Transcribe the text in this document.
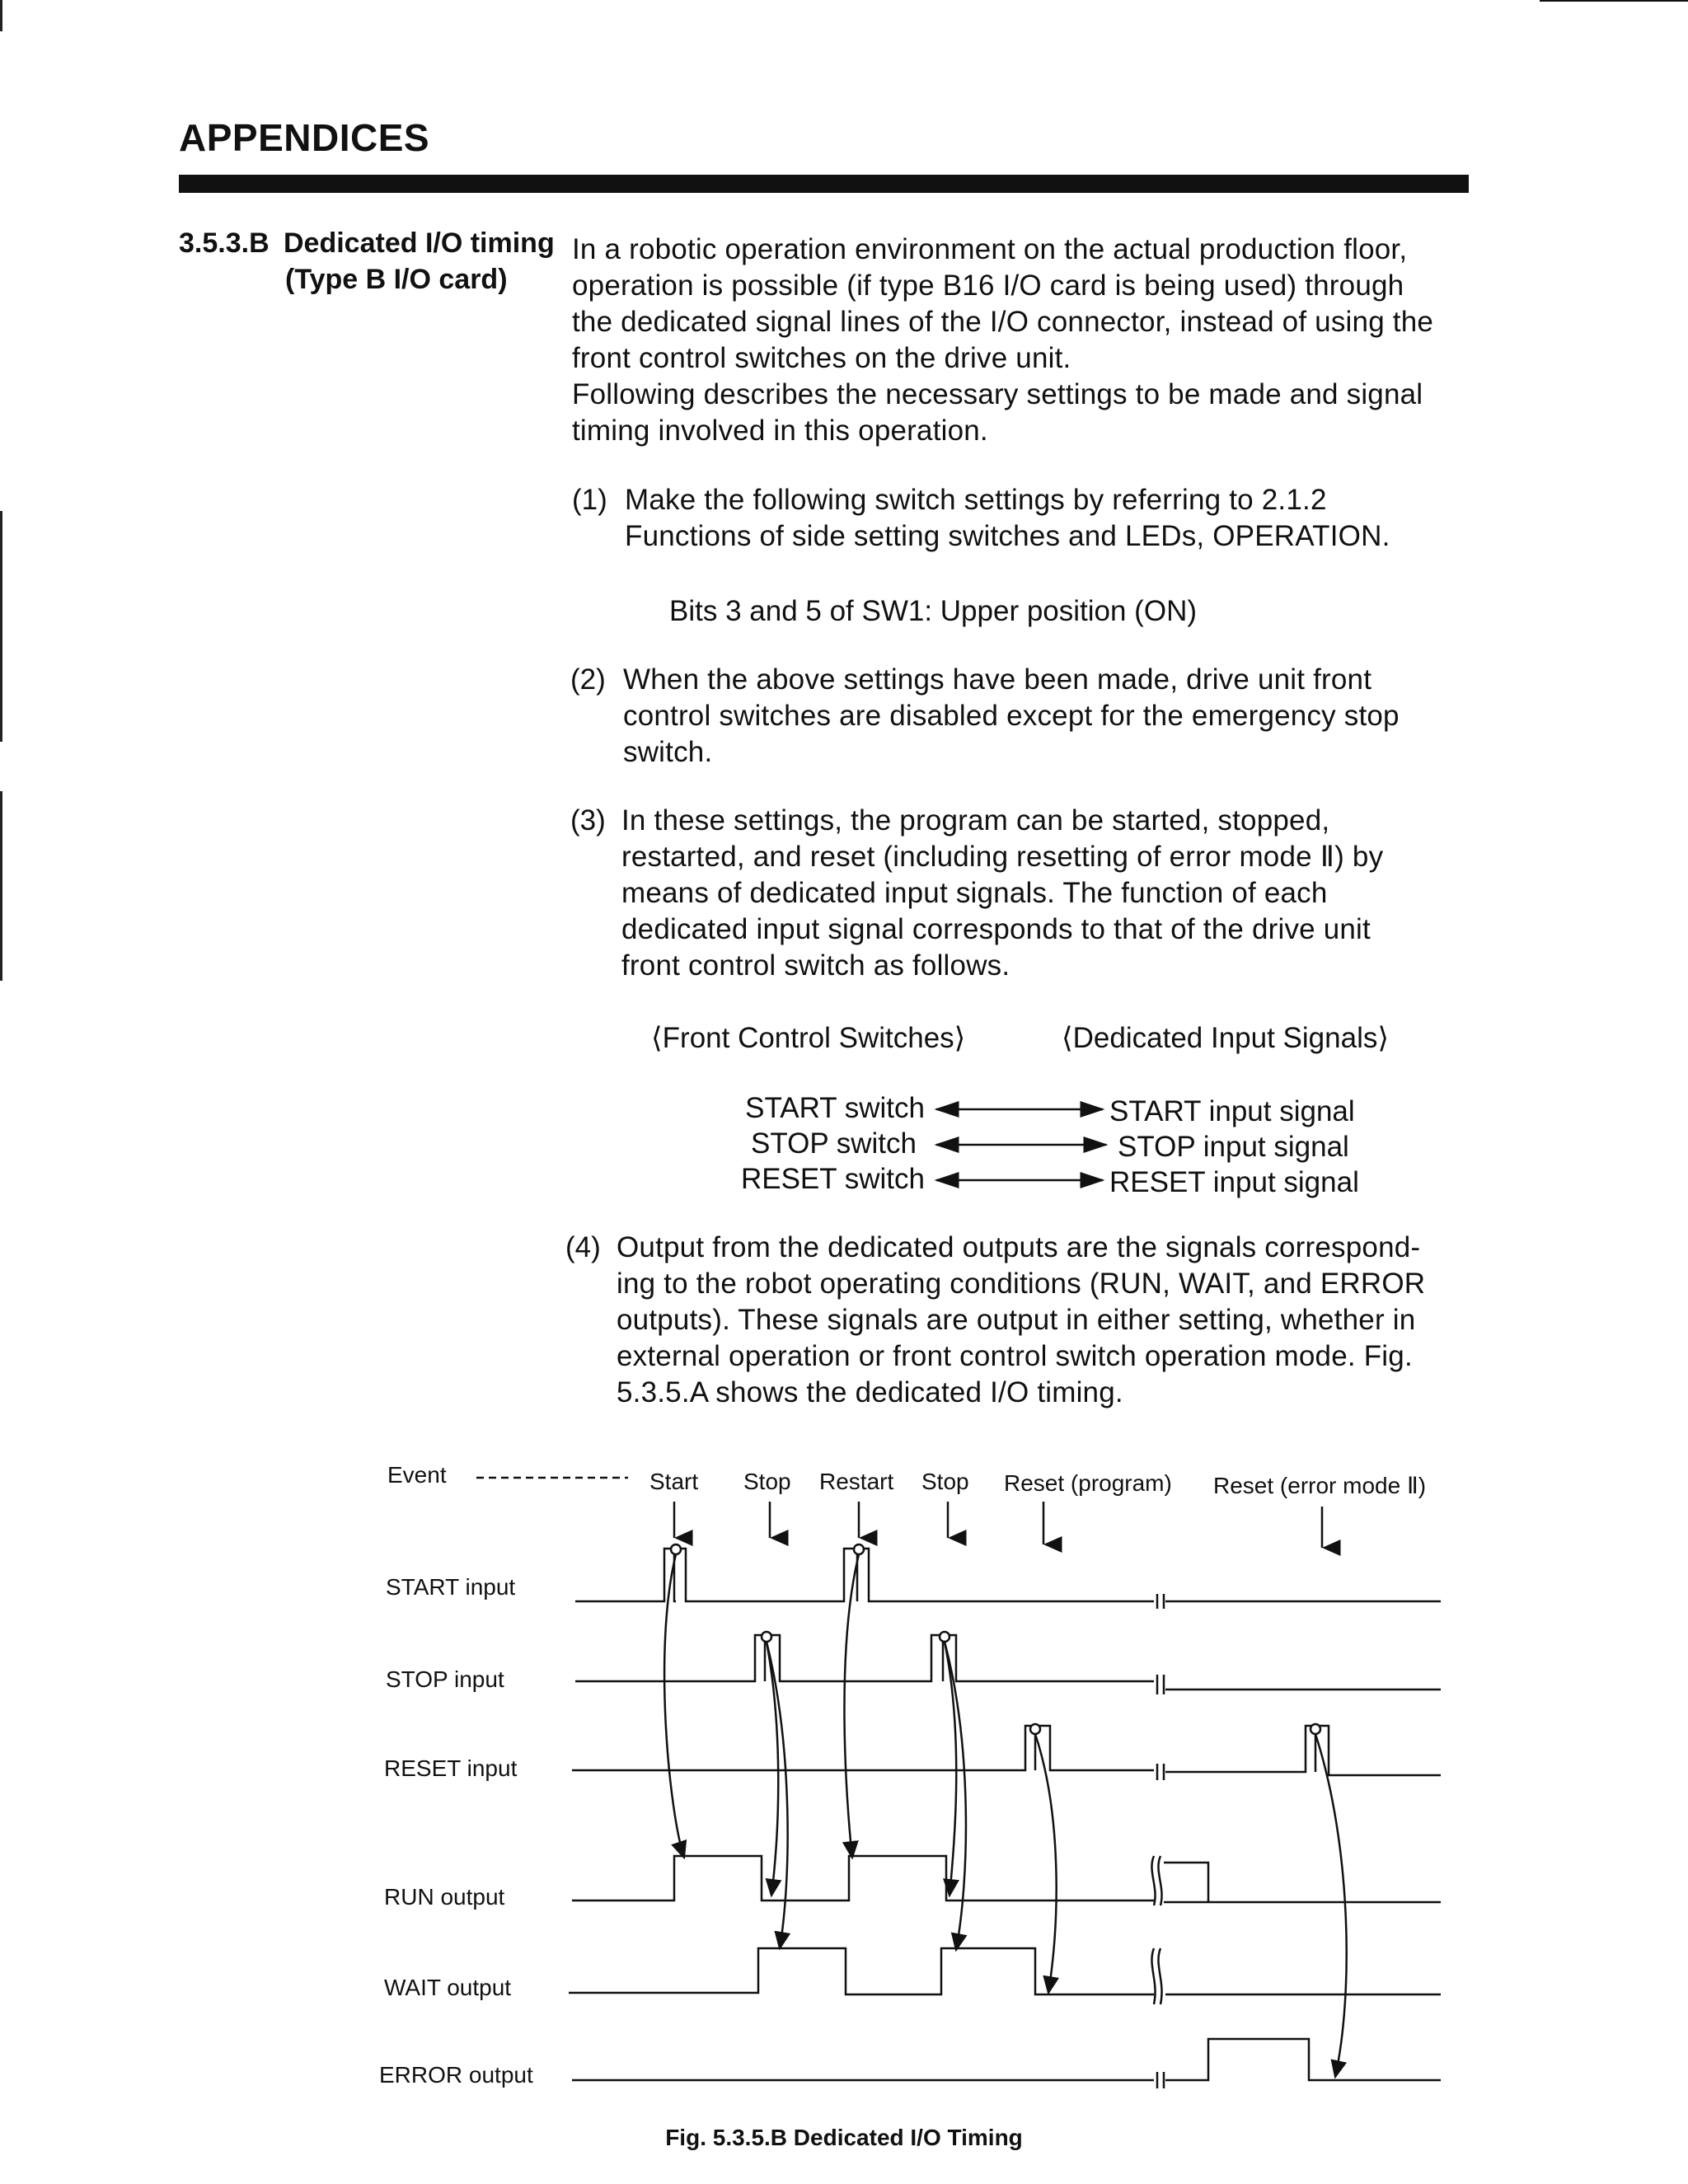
APPENDICES
3.5.3.B Dedicated I/O timing
(Type B I/O card)
In a robotic operation environment on the actual production floor,
operation is possible (if type B16 I/O card is being used) through
the dedicated signal lines of the I/O connector, instead of using the
front control switches on the drive unit.
Following describes the necessary settings to be made and signal
timing involved in this operation.
(1) Make the following switch settings by referring to 2.1.2
Functions of side setting switches and LEDs, OPERATION.
Bits 3 and 5 of SW1: Upper position (ON)
(2) When the above settings have been made, drive unit front
control switches are disabled except for the emergency stop
switch.
(3) In these settings, the program can be started, stopped,
restarted, and reset (including resetting of error mode Ⅱ) by
means of dedicated input signals. The function of each
dedicated input signal corresponds to that of the drive unit
front control switch as follows.
⟨Front Control Switches⟩	⟨Dedicated Input Signals⟩
START switch
STOP switch
RESET switch
START input signal
STOP input signal
RESET input signal
(4) Output from the dedicated outputs are the signals correspond-
ing to the robot operating conditions (RUN, WAIT, and ERROR
outputs). These signals are output in either setting, whether in
external operation or front control switch operation mode. Fig.
5.3.5.A shows the dedicated I/O timing.
Event	Start Stop Restart Stop Reset (program) Reset (error mode Ⅱ)
START input
STOP input
RESET input
RUN output
WAIT output
ERROR output
Fig. 5.3.5.B Dedicated I/O Timing
